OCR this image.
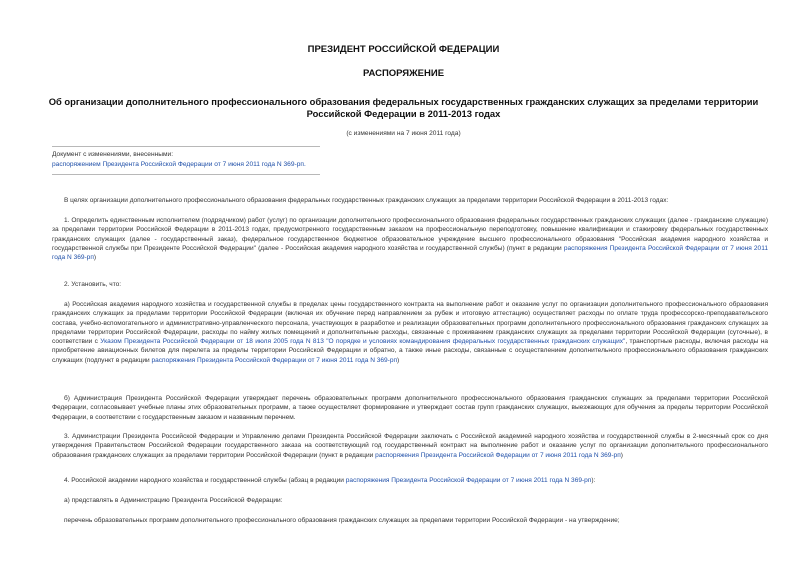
ПРЕЗИДЕНТ РОССИЙСКОЙ ФЕДЕРАЦИИ
РАСПОРЯЖЕНИЕ
Об организации дополнительного профессионального образования федеральных государственных гражданских служащих за пределами территории Российской Федерации в 2011-2013 годах
(с изменениями на 7 июня 2011 года)
Документ с изменениями, внесенными:
распоряжением Президента Российской Федерации от 7 июня 2011 года N 369-рп.
В целях организации дополнительного профессионального образования федеральных государственных гражданских служащих за пределами территории Российской Федерации в 2011-2013 годах:
1. Определить единственным исполнителем (подрядчиком) работ (услуг) по организации дополнительного профессионального образования федеральных государственных гражданских служащих (далее - гражданские служащие) за пределами территории Российской Федерации в 2011-2013 годах, предусмотренного государственным заказом на профессиональную переподготовку, повышение квалификации и стажировку федеральных государственных гражданских служащих (далее - государственный заказ), федеральное государственное бюджетное образовательное учреждение высшего профессионального образования "Российская академия народного хозяйства и государственной службы при Президенте Российской Федерации" (далее - Российская академия народного хозяйства и государственной службы) (пункт в редакции распоряжения Президента Российской Федерации от 7 июня 2011 года N 369-рп)
2. Установить, что:
а) Российская академия народного хозяйства и государственной службы в пределах цены государственного контракта на выполнение работ и оказание услуг по организации дополнительного профессионального образования гражданских служащих за пределами территории Российской Федерации (включая их обучение перед направлением за рубеж и итоговую аттестацию) осуществляет расходы по оплате труда профессорско-преподавательского состава, учебно-вспомогательного и административно-управленческого персонала, участвующих в разработке и реализации образовательных программ дополнительного профессионального образования гражданских служащих за пределами территории Российской Федерации, расходы по найму жилых помещений и дополнительные расходы, связанные с проживанием гражданских служащих за пределами территории Российской Федерации (суточные), в соответствии с Указом Президента Российской Федерации от 18 июля 2005 года N 813 "О порядке и условиях командирования федеральных государственных гражданских служащих", транспортные расходы, включая расходы на приобретение авиационных билетов для перелета за пределы территории Российской Федерации и обратно, а также иные расходы, связанные с осуществлением дополнительного профессионального образования гражданских служащих (подпункт в редакции распоряжения Президента Российской Федерации от 7 июня 2011 года N 369-рп)
б) Администрация Президента Российской Федерации утверждает перечень образовательных программ дополнительного профессионального образования гражданских служащих за пределами территории Российской Федерации, согласовывает учебные планы этих образовательных программ, а также осуществляет формирование и утверждает состав групп гражданских служащих, выезжающих для обучения за пределы территории Российской Федерации, в соответствии с государственным заказом и названным перечнем.
3. Администрации Президента Российской Федерации и Управлению делами Президента Российской Федерации заключать с Российской академией народного хозяйства и государственной службы в 2-месячный срок со дня утверждения Правительством Российской Федерации государственного заказа на соответствующий год государственный контракт на выполнение работ и оказание услуг по организации дополнительного профессионального образования гражданских служащих за пределами территории Российской Федерации (пункт в редакции распоряжения Президента Российской Федерации от 7 июня 2011 года N 369-рп)
4. Российской академии народного хозяйства и государственной службы (абзац в редакции распоряжения Президента Российской Федерации от 7 июня 2011 года N 369-рп):
а) представлять в Администрацию Президента Российской Федерации:
перечень образовательных программ дополнительного профессионального образования гражданских служащих за пределами территории Российской Федерации - на утверждение;
